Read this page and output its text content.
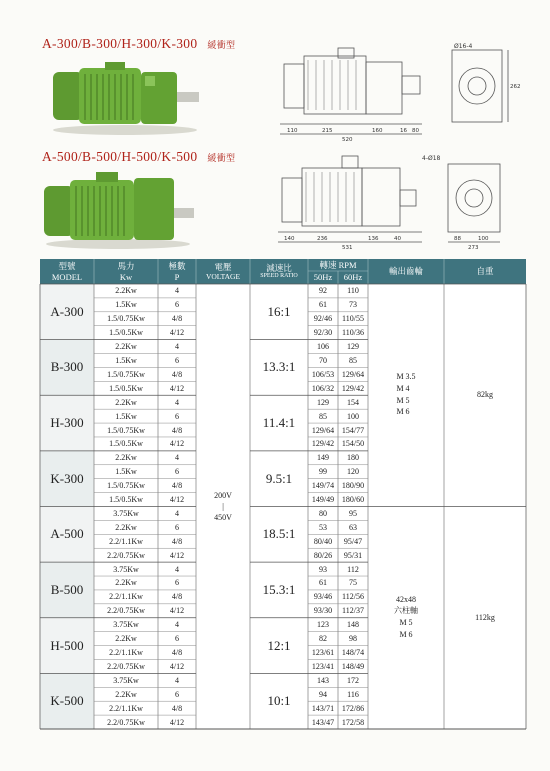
A-300/B-300/H-300/K-300 緩衝型	Ø16-4
110	215	160	16 80
520
262
A-500/B-500/H-500/K-500 緩衝型	4-Ø18
140	236	136	40	88	100
531	273
型號
MODEL
馬力
Kw
極數
P
電壓
VOLTAGE
減速比
SPEED RATIO
轉速 RPM
50Hz 60Hz
輸出齒輪	自重
A-300	16:1
2.2Kw	4	92	110
1.5Kw	6	61	73
1.5/0.75Kw	4/8	92/46	110/55
1.5/0.5Kw	4/12	92/30	110/36
B-300	13.3:1
2.2Kw	4	106	129
1.5Kw	6	70	85
1.5/0.75Kw	4/8	106/53 129/64
1.5/0.5Kw	4/12	106/32 129/42
H-300	11.4:1
2.2Kw	4	129	154
1.5Kw	6	85	100
1.5/0.75Kw	4/8	129/64 154/77
1.5/0.5Kw	4/12	129/42 154/50
K-300	9.5:1
2.2Kw	4	149	180
1.5Kw	6	99	120
1.5/0.75Kw	4/8	149/74 180/90
1.5/0.5Kw	4/12	149/49 180/60
A-500	18.5:1
3.75Kw	4	80	95
2.2Kw	6	53	63
2.2/1.1Kw	4/8	80/40	95/47
2.2/0.75Kw	4/12	80/26	95/31
B-500	15.3:1
3.75Kw	4	93	112
2.2Kw	6	61	75
2.2/1.1Kw	4/8	93/46	112/56
2.2/0.75Kw	4/12	93/30	112/37
H-500	12:1
3.75Kw	4	123	148
2.2Kw	6	82	98
2.2/1.1Kw	4/8	123/61 148/74
2.2/0.75Kw	4/12	123/41 148/49
K-500	10:1
3.75Kw	4	143	172
2.2Kw	6	94	116
2.2/1.1Kw	4/8	143/71 172/86
2.2/0.75Kw	4/12	143/47 172/58
200V
|
450V
M 3.5
M 4
M 5
M 6
42x48
六柱軸
M 5
M 6
82kg
112kg
